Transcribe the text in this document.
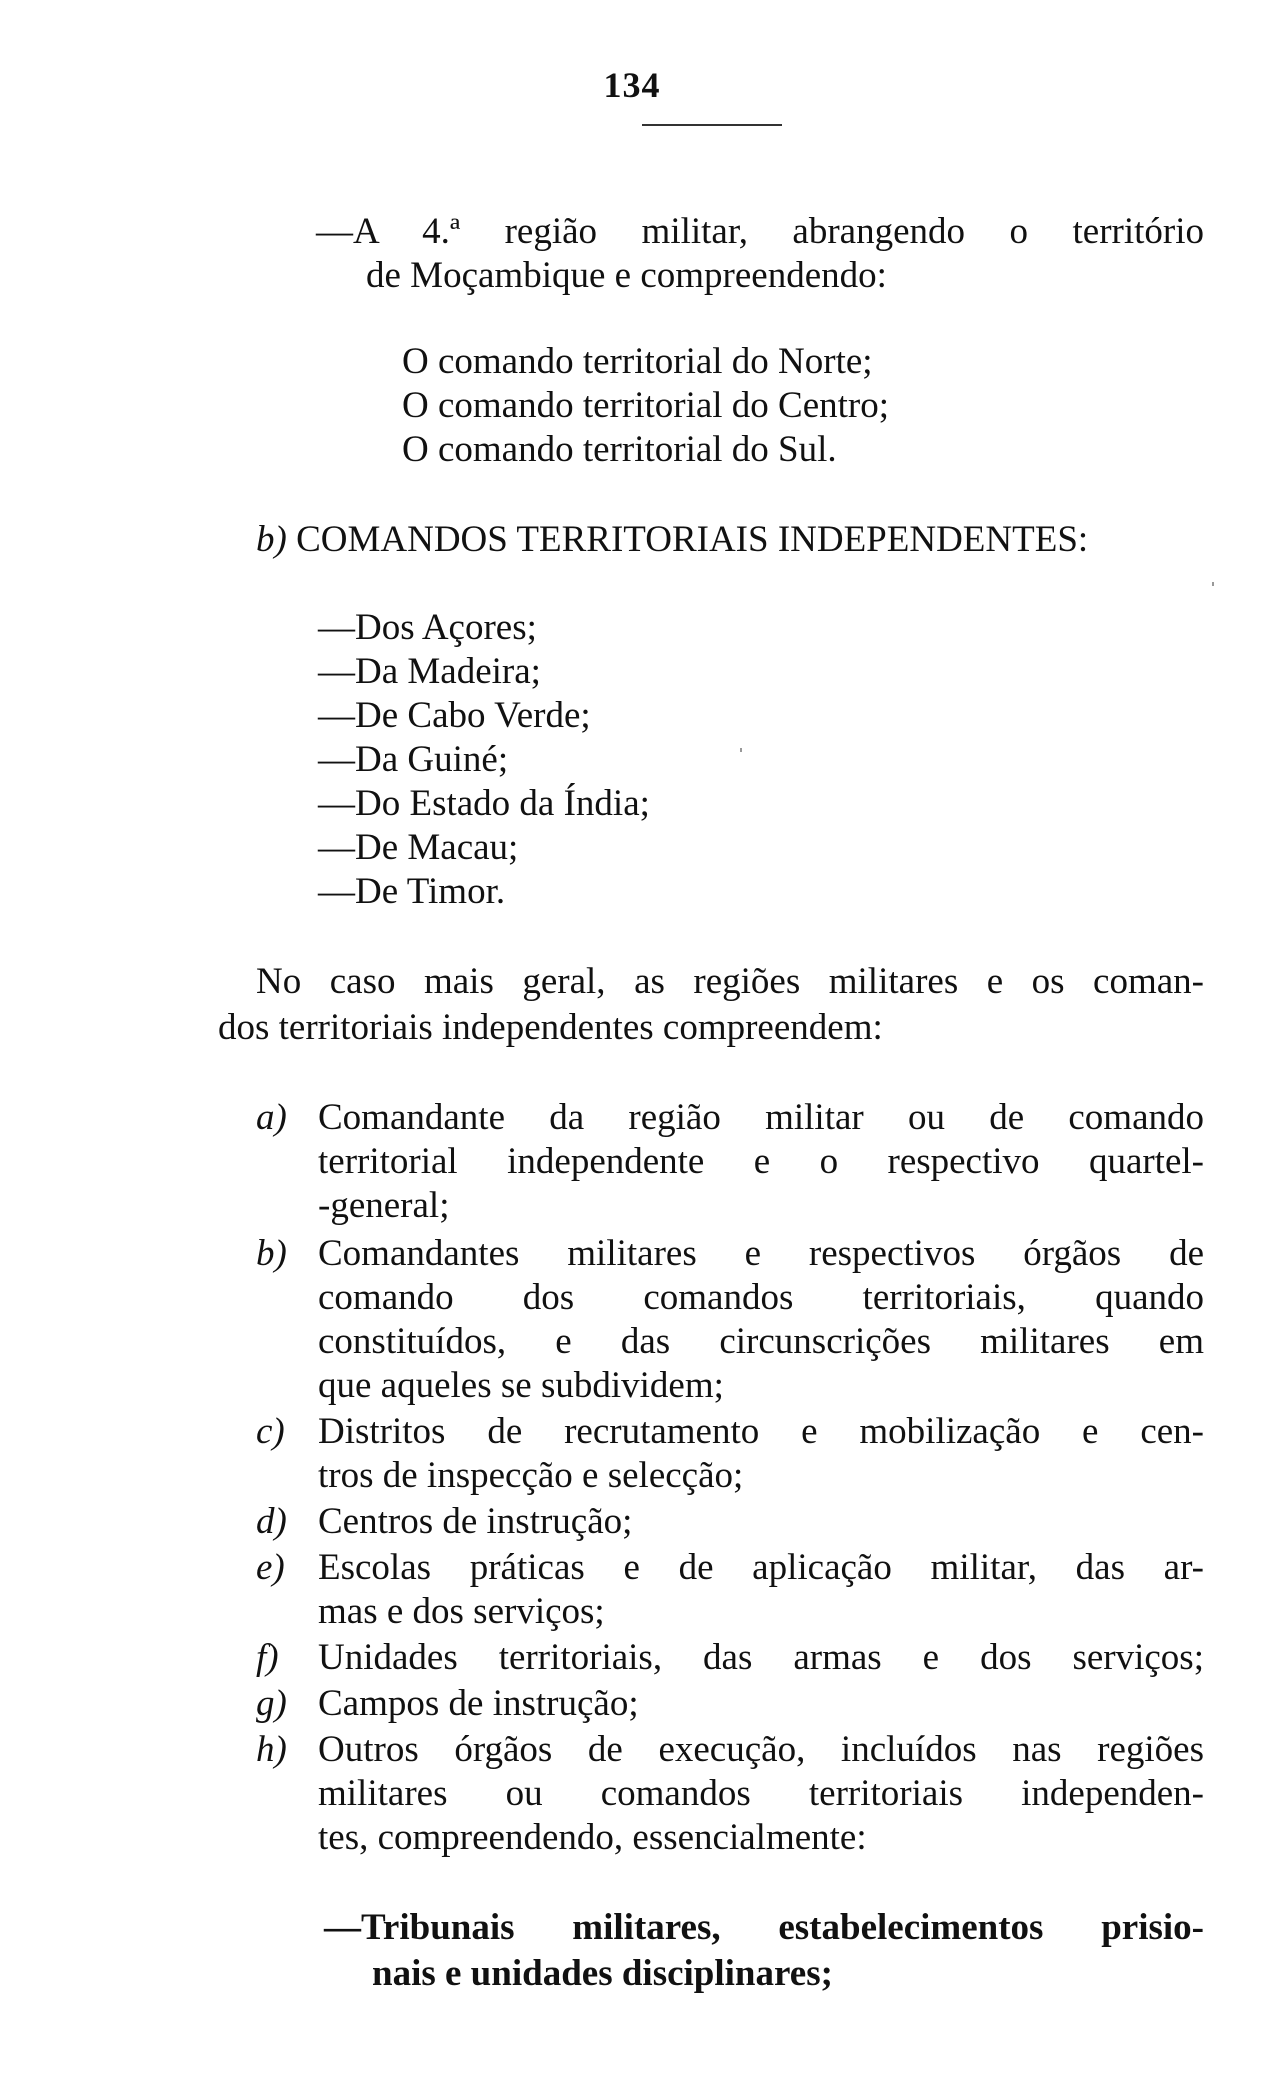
134
—A 4.ª região militar, abrangendo o território
de Moçambique e compreendendo:
O comando territorial do Norte;
O comando territorial do Centro;
O comando territorial do Sul.
b) COMANDOS TERRITORIAIS INDEPENDENTES:
—Dos Açores;
—Da Madeira;
—De Cabo Verde;
—Da Guiné;
—Do Estado da Índia;
—De Macau;
—De Timor.
No caso mais geral, as regiões militares e os coman-
dos territoriais independentes compreendem:
a) Comandante da região militar ou de comando
territorial independente e o respectivo quartel-
-general;
b) Comandantes militares e respectivos órgãos de
comando dos comandos territoriais, quando
constituídos, e das circunscrições militares em
que aqueles se subdividem;
c) Distritos de recrutamento e mobilização e cen-
tros de inspecção e selecção;
d) Centros de instrução;
e) Escolas práticas e de aplicação militar, das ar-
mas e dos serviços;
f) Unidades territoriais, das armas e dos serviços;
g) Campos de instrução;
h) Outros órgãos de execução, incluídos nas regiões
militares ou comandos territoriais independen-
tes, compreendendo, essencialmente:
—Tribunais militares, estabelecimentos prisio-
nais e unidades disciplinares;
